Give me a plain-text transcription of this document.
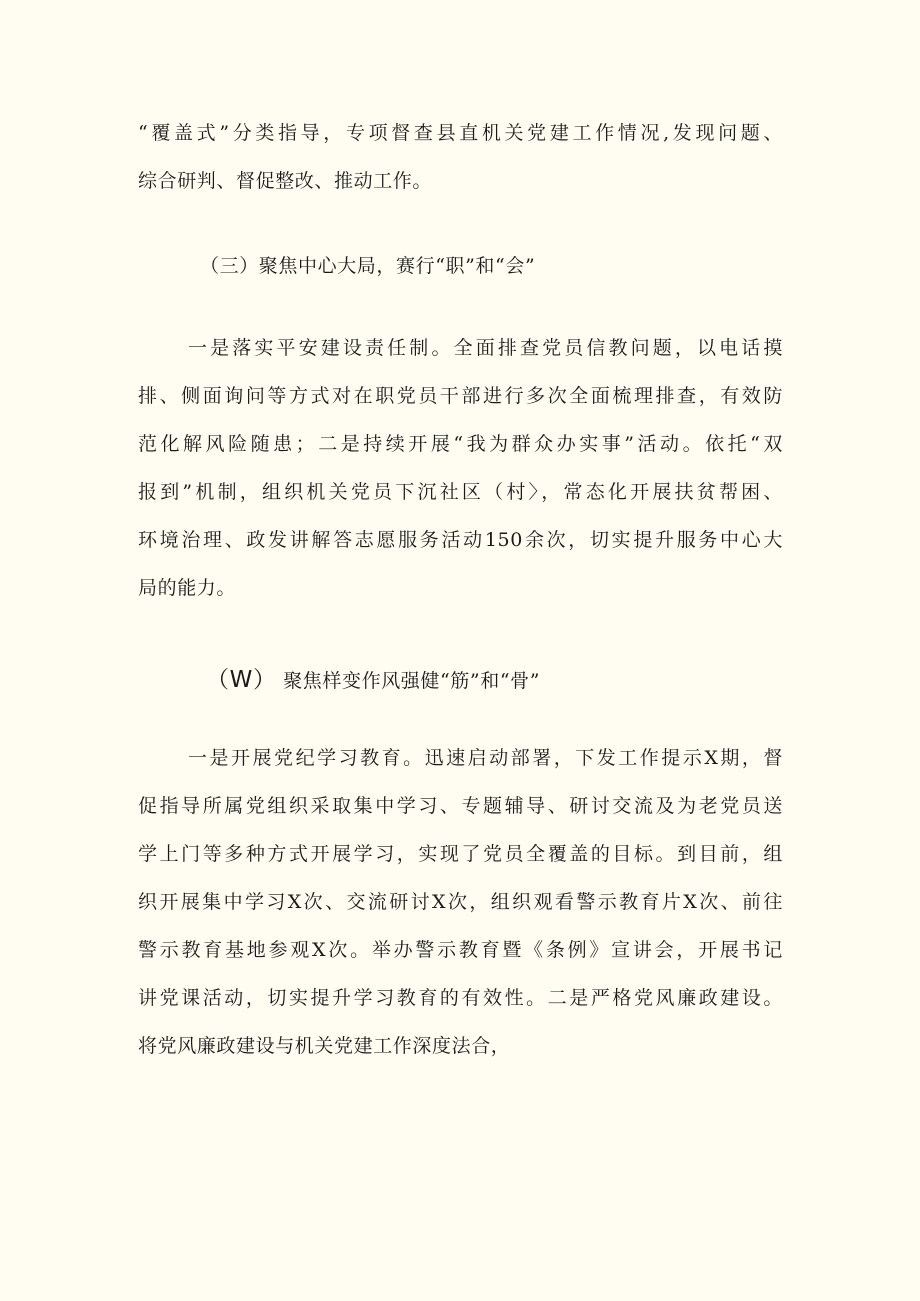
“覆盖式”分类指导，专项督查县直机关党建工作情况,发现问题、
综合研判、督促整改、推动工作。
（三）聚焦中心大局，赛行“职”和“会”
一是落实平安建设责任制。全面排查党员信教问题，以电话摸
排、侧面询问等方式对在职党员干部进行多次全面梳理排查，有效防
范化解风险随患；二是持续开展“我为群众办实事”活动。依托“双
报到”机制，组织机关党员下沉社区（村〉，常态化开展扶贫帮困、
环境治理、政发讲解答志愿服务活动150余次，切实提升服务中心大
局的能力。
（W） 聚焦样变作风强健“筋”和“骨”
一是开展党纪学习教育。迅速启动部署，下发工作提示X期，督
促指导所属党组织采取集中学习、专题辅导、研讨交流及为老党员送
学上门等多种方式开展学习，实现了党员全覆盖的目标。到目前，组
织开展集中学习X次、交流研讨X次，组织观看警示教育片X次、前往
警示教育基地参观X次。举办警示教育暨《条例》宣讲会，开展书记
讲党课活动，切实提升学习教育的有效性。二是严格党风廉政建设。
将党风廉政建设与机关党建工作深度法合，
